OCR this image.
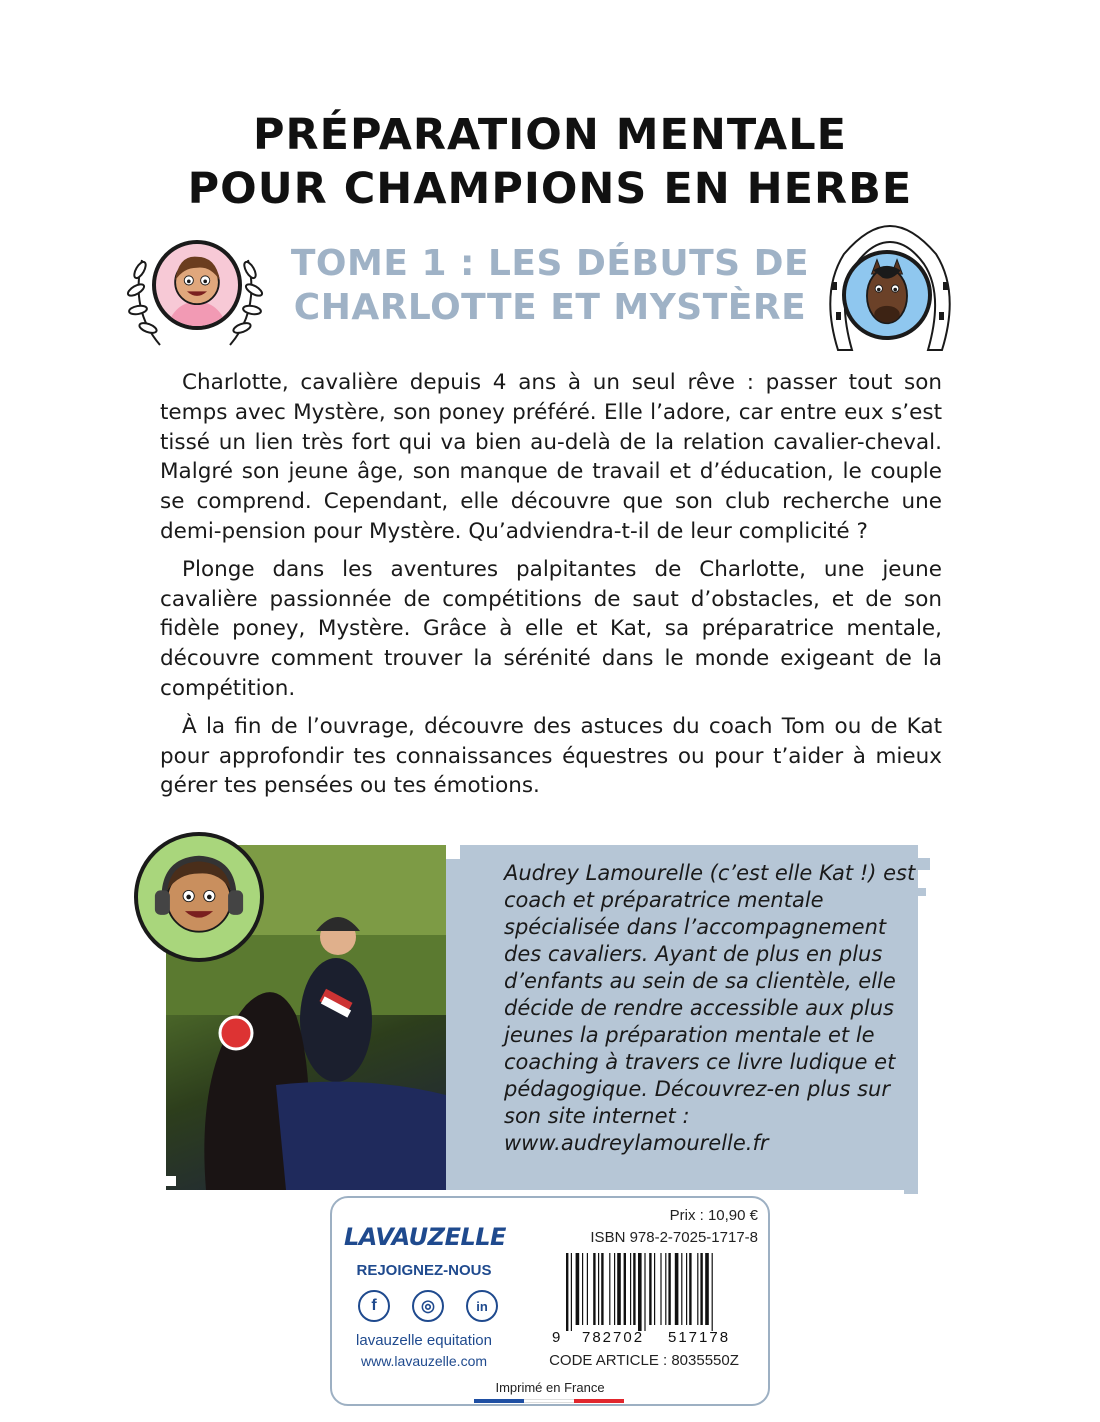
PRÉPARATION MENTALE
POUR CHAMPIONS EN HERBE
TOME 1 : LES DÉBUTS DE
CHARLOTTE ET MYSTÈRE

Charlotte, cavalière depuis 4 ans à un seul rêve : passer tout son temps avec Mystère, son poney préféré. Elle l’adore, car entre eux s’est tissé un lien très fort qui va bien au-delà de la relation cavalier-cheval. Malgré son jeune âge, son manque de travail et d’éducation, le couple se comprend. Cependant, elle découvre que son club recherche une demi-pension pour Mystère. Qu’adviendra-t-il de leur complicité ?

Plonge dans les aventures palpitantes de Charlotte, une jeune cavalière passionnée de compétitions de saut d’obstacles, et de son fidèle poney, Mystère. Grâce à elle et Kat, sa préparatrice mentale, découvre comment trouver la sérénité dans le monde exigeant de la compétition.

À la fin de l’ouvrage, découvre des astuces du coach Tom ou de Kat pour approfondir tes connaissances équestres ou pour t’aider à mieux gérer tes pensées ou tes émotions.

Audrey Lamourelle (c’est elle Kat !) est coach et préparatrice mentale spécialisée dans l’accompagnement des cavaliers. Ayant de plus en plus d’enfants au sein de sa clientèle, elle décide de rendre accessible aux plus jeunes la préparation mentale et le coaching à travers ce livre ludique et pédagogique. Découvrez-en plus sur son site internet : www.audreylamourelle.fr
LAVAUZELLE
REJOIGNEZ-NOUS
f	◎	in
lavauzelle equitation
www.lavauzelle.com
Prix : 10,90 €
ISBN 978-2-7025-1717-8
9 782702 517178
CODE ARTICLE : 8035550Z
Imprimé en France
